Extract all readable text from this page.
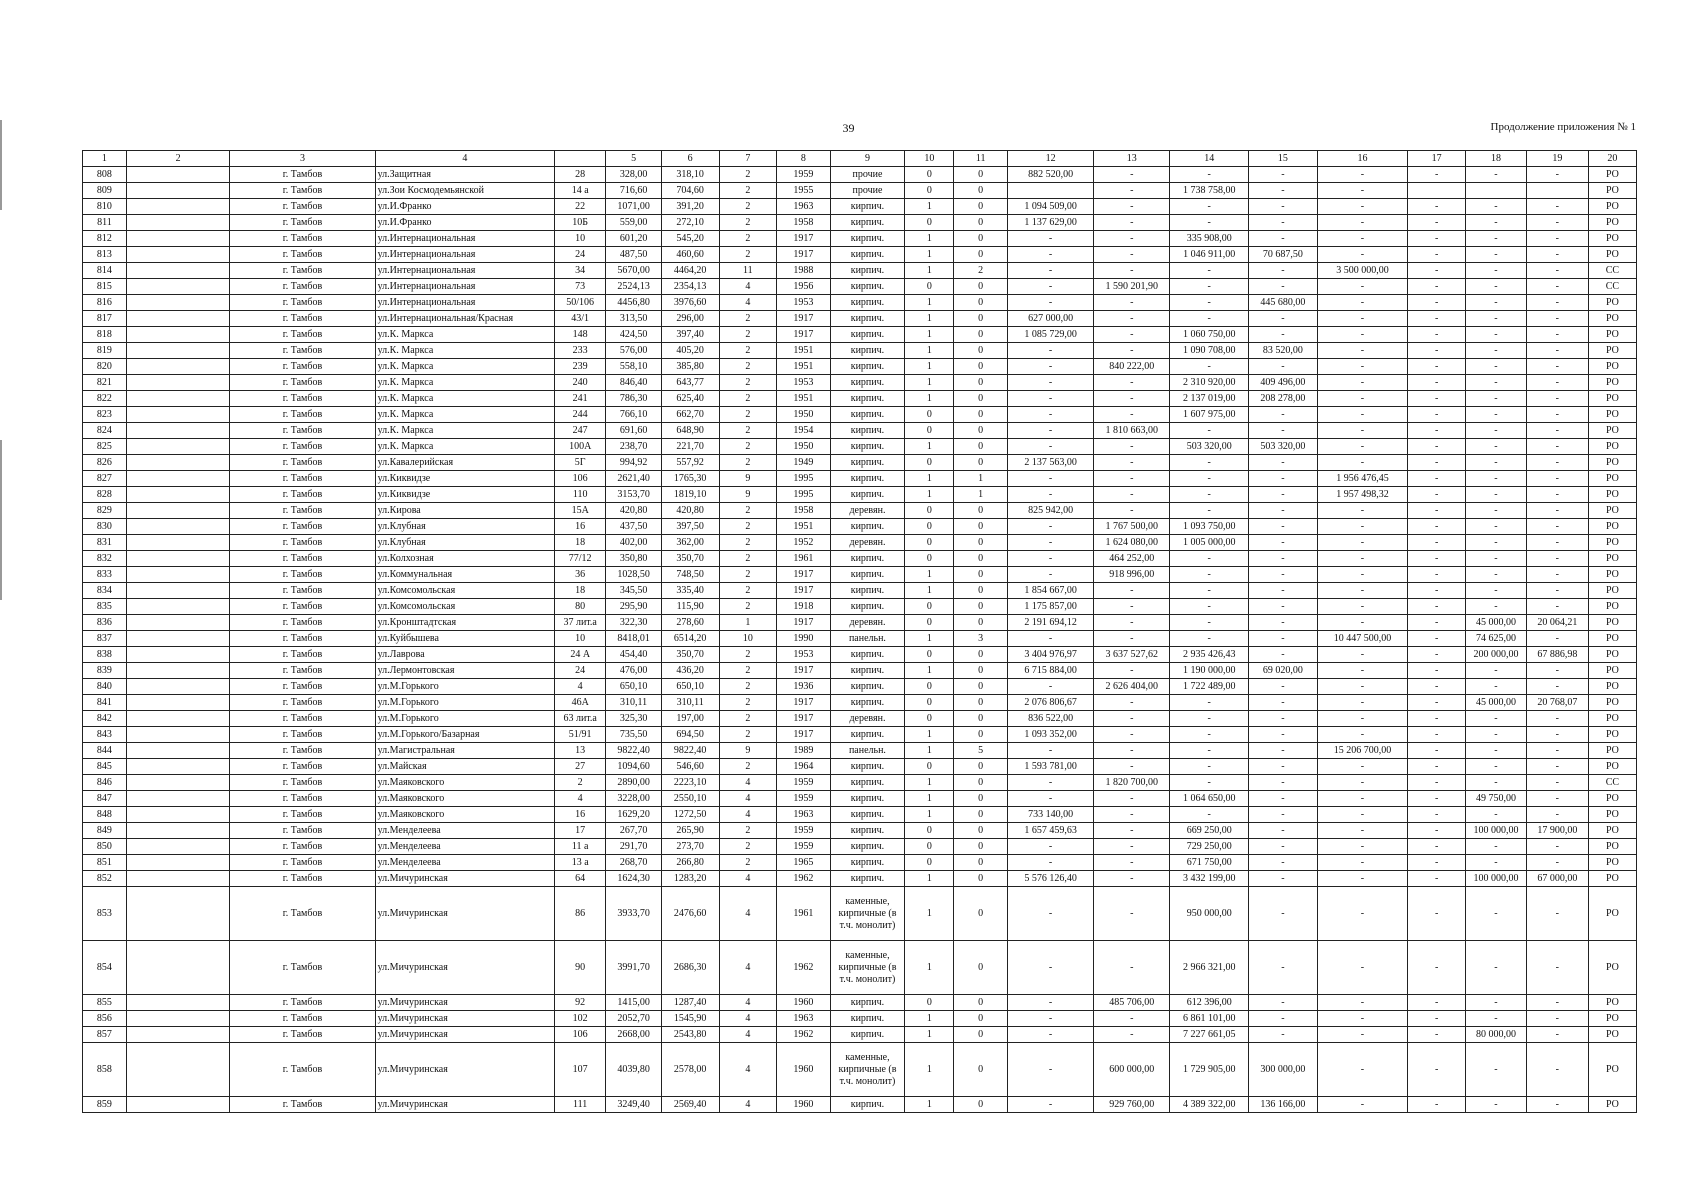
39	Продолжение приложения № 1
1	2	3	4		5	6	7	8	9	10	11	12	13	14	15	16	17	18	19	20
808		г. Тамбов	ул.Защитная	28	328,00	318,10	2	1959	прочие	0	0	882 520,00	-	-	-	-	-	-	-	РО
809		г. Тамбов	ул.Зои Космодемьянской	14 а	716,60	704,60	2	1955	прочие	0	0		-	1 738 758,00	-	-				РО
810		г. Тамбов	ул.И.Франко	22	1071,00	391,20	2	1963	кирпич.	1	0	1 094 509,00	-	-	-	-	-	-	-	РО
811		г. Тамбов	ул.И.Франко	10Б	559,00	272,10	2	1958	кирпич.	0	0	1 137 629,00	-	-	-	-	-	-	-	РО
812		г. Тамбов	ул.Интернациональная	10	601,20	545,20	2	1917	кирпич.	1	0	-	-	335 908,00	-	-	-	-	-	РО
813		г. Тамбов	ул.Интернациональная	24	487,50	460,60	2	1917	кирпич.	1	0	-	-	1 046 911,00	70 687,50	-	-	-	-	РО
814		г. Тамбов	ул.Интернациональная	34	5670,00	4464,20	11	1988	кирпич.	1	2	-	-	-	-	3 500 000,00	-	-	-	СС
815		г. Тамбов	ул.Интернациональная	73	2524,13	2354,13	4	1956	кирпич.	0	0	-	1 590 201,90	-	-	-	-	-	-	СС
816		г. Тамбов	ул.Интернациональная	50/106	4456,80	3976,60	4	1953	кирпич.	1	0	-	-	-	445 680,00	-	-	-	-	РО
817		г. Тамбов	ул.Интернациональная/Красная	43/1	313,50	296,00	2	1917	кирпич.	1	0	627 000,00	-	-	-	-	-	-	-	РО
818		г. Тамбов	ул.К. Маркса	148	424,50	397,40	2	1917	кирпич.	1	0	1 085 729,00	-	1 060 750,00	-	-	-	-	-	РО
819		г. Тамбов	ул.К. Маркса	233	576,00	405,20	2	1951	кирпич.	1	0	-	-	1 090 708,00	83 520,00	-	-	-	-	РО
820		г. Тамбов	ул.К. Маркса	239	558,10	385,80	2	1951	кирпич.	1	0	-	840 222,00	-	-	-	-	-	-	РО
821		г. Тамбов	ул.К. Маркса	240	846,40	643,77	2	1953	кирпич.	1	0	-	-	2 310 920,00	409 496,00	-	-	-	-	РО
822		г. Тамбов	ул.К. Маркса	241	786,30	625,40	2	1951	кирпич.	1	0	-	-	2 137 019,00	208 278,00	-	-	-	-	РО
823		г. Тамбов	ул.К. Маркса	244	766,10	662,70	2	1950	кирпич.	0	0	-	-	1 607 975,00	-	-	-	-	-	РО
824		г. Тамбов	ул.К. Маркса	247	691,60	648,90	2	1954	кирпич.	0	0	-	1 810 663,00	-	-	-	-	-	-	РО
825		г. Тамбов	ул.К. Маркса	100А	238,70	221,70	2	1950	кирпич.	1	0	-	-	503 320,00	503 320,00	-	-	-	-	РО
826		г. Тамбов	ул.Кавалерийская	5Г	994,92	557,92	2	1949	кирпич.	0	0	2 137 563,00	-	-	-	-	-	-	-	РО
827		г. Тамбов	ул.Киквидзе	106	2621,40	1765,30	9	1995	кирпич.	1	1	-	-	-	-	1 956 476,45	-	-	-	РО
828		г. Тамбов	ул.Киквидзе	110	3153,70	1819,10	9	1995	кирпич.	1	1	-	-	-	-	1 957 498,32	-	-	-	РО
829		г. Тамбов	ул.Кирова	15А	420,80	420,80	2	1958	деревян.	0	0	825 942,00	-	-	-	-	-	-	-	РО
830		г. Тамбов	ул.Клубная	16	437,50	397,50	2	1951	кирпич.	0	0	-	1 767 500,00	1 093 750,00	-	-	-	-	-	РО
831		г. Тамбов	ул.Клубная	18	402,00	362,00	2	1952	деревян.	0	0	-	1 624 080,00	1 005 000,00	-	-	-	-	-	РО
832		г. Тамбов	ул.Колхозная	77/12	350,80	350,70	2	1961	кирпич.	0	0	-	464 252,00	-	-	-	-	-	-	РО
833		г. Тамбов	ул.Коммунальная	36	1028,50	748,50	2	1917	кирпич.	1	0	-	918 996,00	-	-	-	-	-	-	РО
834		г. Тамбов	ул.Комсомольская	18	345,50	335,40	2	1917	кирпич.	1	0	1 854 667,00	-	-	-	-	-	-	-	РО
835		г. Тамбов	ул.Комсомольская	80	295,90	115,90	2	1918	кирпич.	0	0	1 175 857,00	-	-	-	-	-	-	-	РО
836		г. Тамбов	ул.Кронштадтская	37 лит.а	322,30	278,60	1	1917	деревян.	0	0	2 191 694,12	-	-	-	-	-	45 000,00	20 064,21	РО
837		г. Тамбов	ул.Куйбышева	10	8418,01	6514,20	10	1990	панельн.	1	3	-	-	-	-	10 447 500,00	-	74 625,00	-	РО
838		г. Тамбов	ул.Лаврова	24 А	454,40	350,70	2	1953	кирпич.	0	0	3 404 976,97	3 637 527,62	2 935 426,43	-	-	-	200 000,00	67 886,98	РО
839		г. Тамбов	ул.Лермонтовская	24	476,00	436,20	2	1917	кирпич.	1	0	6 715 884,00	-	1 190 000,00	69 020,00	-	-	-	-	РО
840		г. Тамбов	ул.М.Горького	4	650,10	650,10	2	1936	кирпич.	0	0	-	2 626 404,00	1 722 489,00	-	-	-	-	-	РО
841		г. Тамбов	ул.М.Горького	46А	310,11	310,11	2	1917	кирпич.	0	0	2 076 806,67	-	-	-	-	-	45 000,00	20 768,07	РО
842		г. Тамбов	ул.М.Горького	63 лит.а	325,30	197,00	2	1917	деревян.	0	0	836 522,00	-	-	-	-	-	-	-	РО
843		г. Тамбов	ул.М.Горького/Базарная	51/91	735,50	694,50	2	1917	кирпич.	1	0	1 093 352,00	-	-	-	-	-	-	-	РО
844		г. Тамбов	ул.Магистральная	13	9822,40	9822,40	9	1989	панельн.	1	5	-	-	-	-	15 206 700,00	-	-	-	РО
845		г. Тамбов	ул.Майская	27	1094,60	546,60	2	1964	кирпич.	0	0	1 593 781,00	-	-	-	-	-	-	-	РО
846		г. Тамбов	ул.Маяковского	2	2890,00	2223,10	4	1959	кирпич.	1	0	-	1 820 700,00	-	-	-	-	-	-	СС
847		г. Тамбов	ул.Маяковского	4	3228,00	2550,10	4	1959	кирпич.	1	0	-	-	1 064 650,00	-	-	-	49 750,00	-	РО
848		г. Тамбов	ул.Маяковского	16	1629,20	1272,50	4	1963	кирпич.	1	0	733 140,00	-	-	-	-	-	-	-	РО
849		г. Тамбов	ул.Менделеева	17	267,70	265,90	2	1959	кирпич.	0	0	1 657 459,63	-	669 250,00	-	-	-	100 000,00	17 900,00	РО
850		г. Тамбов	ул.Менделеева	11 а	291,70	273,70	2	1959	кирпич.	0	0	-	-	729 250,00	-	-	-	-	-	РО
851		г. Тамбов	ул.Менделеева	13 а	268,70	266,80	2	1965	кирпич.	0	0	-	-	671 750,00	-	-	-	-	-	РО
852		г. Тамбов	ул.Мичуринская	64	1624,30	1283,20	4	1962	кирпич.	1	0	5 576 126,40	-	3 432 199,00	-	-	-	100 000,00	67 000,00	РО
853		г. Тамбов	ул.Мичуринская	86	3933,70	2476,60	4	1961	каменные, кирпичные (в т.ч. монолит)	1	0	-	-	950 000,00	-	-	-	-	-	РО
854		г. Тамбов	ул.Мичуринская	90	3991,70	2686,30	4	1962	каменные, кирпичные (в т.ч. монолит)	1	0	-	-	2 966 321,00	-	-	-	-	-	РО
855		г. Тамбов	ул.Мичуринская	92	1415,00	1287,40	4	1960	кирпич.	0	0	-	485 706,00	612 396,00	-	-	-	-	-	РО
856		г. Тамбов	ул.Мичуринская	102	2052,70	1545,90	4	1963	кирпич.	1	0	-	-	6 861 101,00	-	-	-	-	-	РО
857		г. Тамбов	ул.Мичуринская	106	2668,00	2543,80	4	1962	кирпич.	1	0	-	-	7 227 661,05	-	-	-	80 000,00	-	РО
858		г. Тамбов	ул.Мичуринская	107	4039,80	2578,00	4	1960	каменные, кирпичные (в т.ч. монолит)	1	0	-	600 000,00	1 729 905,00	300 000,00	-	-	-	-	РО
859		г. Тамбов	ул.Мичуринская	111	3249,40	2569,40	4	1960	кирпич.	1	0	-	929 760,00	4 389 322,00	136 166,00	-	-	-	-	РО
